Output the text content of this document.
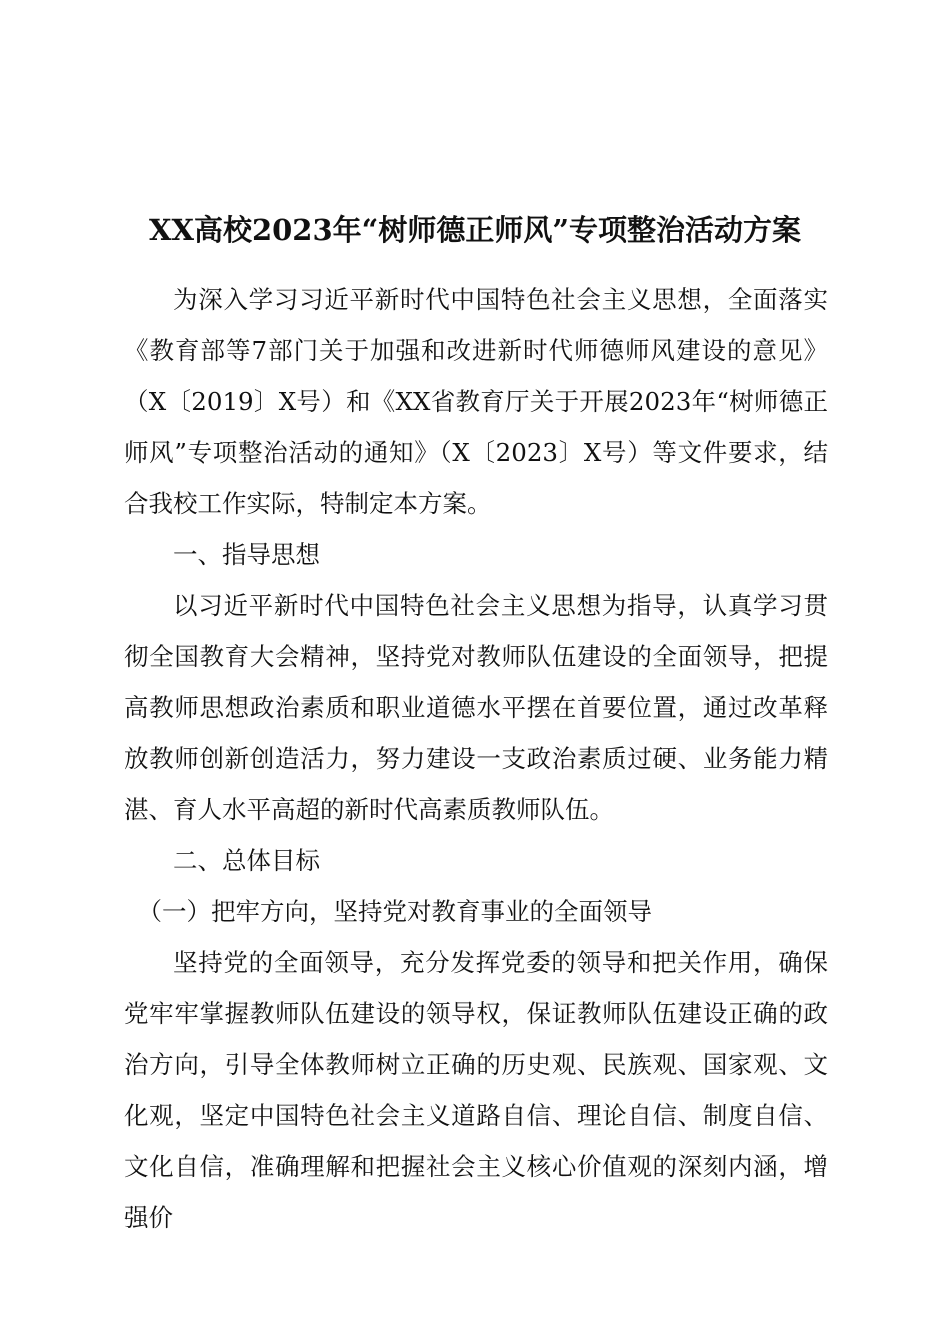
XX高校2023年“树师德正师风”专项整治活动方案

为深入学习习近平新时代中国特色社会主义思想，全面落实《教育部等7部门关于加强和改进新时代师德师风建设的意见》（X〔2019〕X号）和《XX省教育厅关于开展2023年“树师德正师风”专项整治活动的通知》（X〔2023〕X号）等文件要求，结合我校工作实际，特制定本方案。

一、指导思想

以习近平新时代中国特色社会主义思想为指导，认真学习贯彻全国教育大会精神，坚持党对教师队伍建设的全面领导，把提高教师思想政治素质和职业道德水平摆在首要位置，通过改革释放教师创新创造活力，努力建设一支政治素质过硬、业务能力精湛、育人水平高超的新时代高素质教师队伍。

二、总体目标

（一）把牢方向，坚持党对教育事业的全面领导

坚持党的全面领导，充分发挥党委的领导和把关作用，确保党牢牢掌握教师队伍建设的领导权，保证教师队伍建设正确的政治方向，引导全体教师树立正确的历史观、民族观、国家观、文化观，坚定中国特色社会主义道路自信、理论自信、制度自信、文化自信，准确理解和把握社会主义核心价值观的深刻内涵，增强价
